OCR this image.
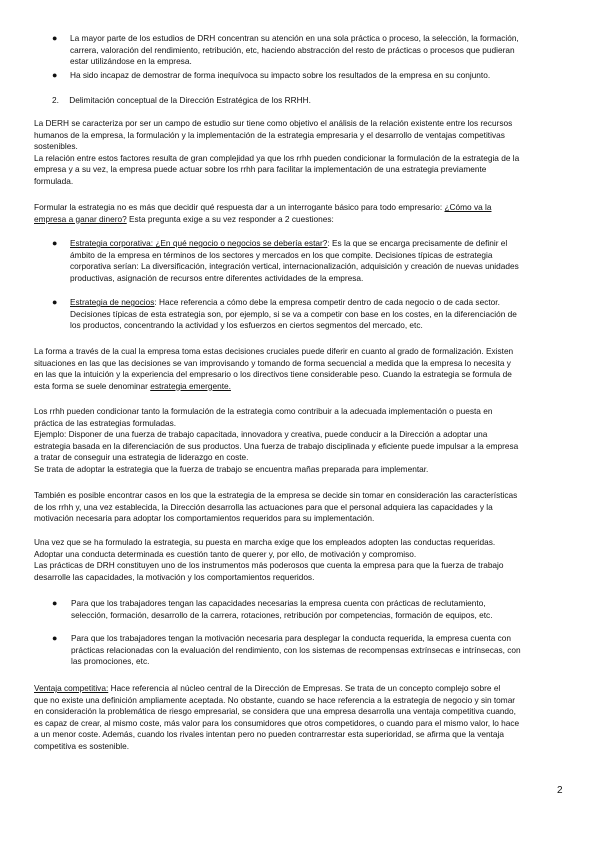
● La mayor parte de los estudios de DRH concentran su atención en una sola práctica o proceso, la selección, la formación,
carrera, valoración del rendimiento, retribución, etc, haciendo abstracción del resto de prácticas o procesos que pudieran
estar utilizándose en la empresa.
● Ha sido incapaz de demostrar de forma inequívoca su impacto sobre los resultados de la empresa en su conjunto.
2. Delimitación conceptual de la Dirección Estratégica de los RRHH.
La DERH se caracteriza por ser un campo de estudio sur tiene como objetivo el análisis de la relación existente entre los recursos
humanos de la empresa, la formulación y la implementación de la estrategia empresaria y el desarrollo de ventajas competitivas
sostenibles.
La relación entre estos factores resulta de gran complejidad ya que los rrhh pueden condicionar la formulación de la estrategia de la
empresa y a su vez, la empresa puede actuar sobre los rrhh para facilitar la implementación de una estrategia previamente
formulada.
Formular la estrategia no es más que decidir qué respuesta dar a un interrogante básico para todo empresario: ¿Cómo va la
empresa a ganar dinero? Esta pregunta exige a su vez responder a 2 cuestiones:
● Estrategia corporativa: ¿En qué negocio o negocios se debería estar?: Es la que se encarga precisamente de definir el
ámbito de la empresa en términos de los sectores y mercados en los que compite. Decisiones típicas de estrategia
corporativa serían: La diversificación, integración vertical, internacionalización, adquisición y creación de nuevas unidades
productivas, asignación de recursos entre diferentes actividades de la empresa.
● Estrategia de negocios: Hace referencia a cómo debe la empresa competir dentro de cada negocio o de cada sector.
Decisiones típicas de esta estrategia son, por ejemplo, si se va a competir con base en los costes, en la diferenciación de
los productos, concentrando la actividad y los esfuerzos en ciertos segmentos del mercado, etc.
La forma a través de la cual la empresa toma estas decisiones cruciales puede diferir en cuanto al grado de formalización. Existen
situaciones en las que las decisiones se van improvisando y tomando de forma secuencial a medida que la empresa lo necesita y
en las que la intuición y la experiencia del empresario o los directivos tiene considerable peso. Cuando la estrategia se formula de
esta forma se suele denominar estrategia emergente.
Los rrhh pueden condicionar tanto la formulación de la estrategia como contribuir a la adecuada implementación o puesta en
práctica de las estrategias formuladas.
Ejemplo: Disponer de una fuerza de trabajo capacitada, innovadora y creativa, puede conducir a la Dirección a adoptar una
estrategia basada en la diferenciación de sus productos. Una fuerza de trabajo disciplinada y eficiente puede impulsar a la empresa
a tratar de conseguir una estrategia de liderazgo en coste.
Se trata de adoptar la estrategia que la fuerza de trabajo se encuentra mañas preparada para implementar.
También es posible encontrar casos en los que la estrategia de la empresa se decide sin tomar en consideración las características
de los rrhh y, una vez establecida, la Dirección desarrolla las actuaciones para que el personal adquiera las capacidades y la
motivación necesaria para adoptar los comportamientos requeridos para su implementación.
Una vez que se ha formulado la estrategia, su puesta en marcha exige que los empleados adopten las conductas requeridas.
Adoptar una conducta determinada es cuestión tanto de querer y, por ello, de motivación y compromiso.
Las prácticas de DRH constituyen uno de los instrumentos más poderosos que cuenta la empresa para que la fuerza de trabajo
desarrolle las capacidades, la motivación y los comportamientos requeridos.
● Para que los trabajadores tengan las capacidades necesarias la empresa cuenta con prácticas de reclutamiento,
selección, formación, desarrollo de la carrera, rotaciones, retribución por competencias, formación de equipos, etc.
● Para que los trabajadores tengan la motivación necesaria para desplegar la conducta requerida, la empresa cuenta con
prácticas relacionadas con la evaluación del rendimiento, con los sistemas de recompensas extrínsecas e intrínsecas, con
las promociones, etc.
Ventaja competitiva: Hace referencia al núcleo central de la Dirección de Empresas. Se trata de un concepto complejo sobre el
que no existe una definición ampliamente aceptada. No obstante, cuando se hace referencia a la estrategia de negocio y sin tomar
en consideración la problemática de riesgo empresarial, se considera que una empresa desarrolla una ventaja competitiva cuando,
es capaz de crear, al mismo coste, más valor para los consumidores que otros competidores, o cuando para el mismo valor, lo hace
a un menor coste. Además, cuando los rivales intentan pero no pueden contrarrestar esta superioridad, se afirma que la ventaja
competitiva es sostenible.
2
